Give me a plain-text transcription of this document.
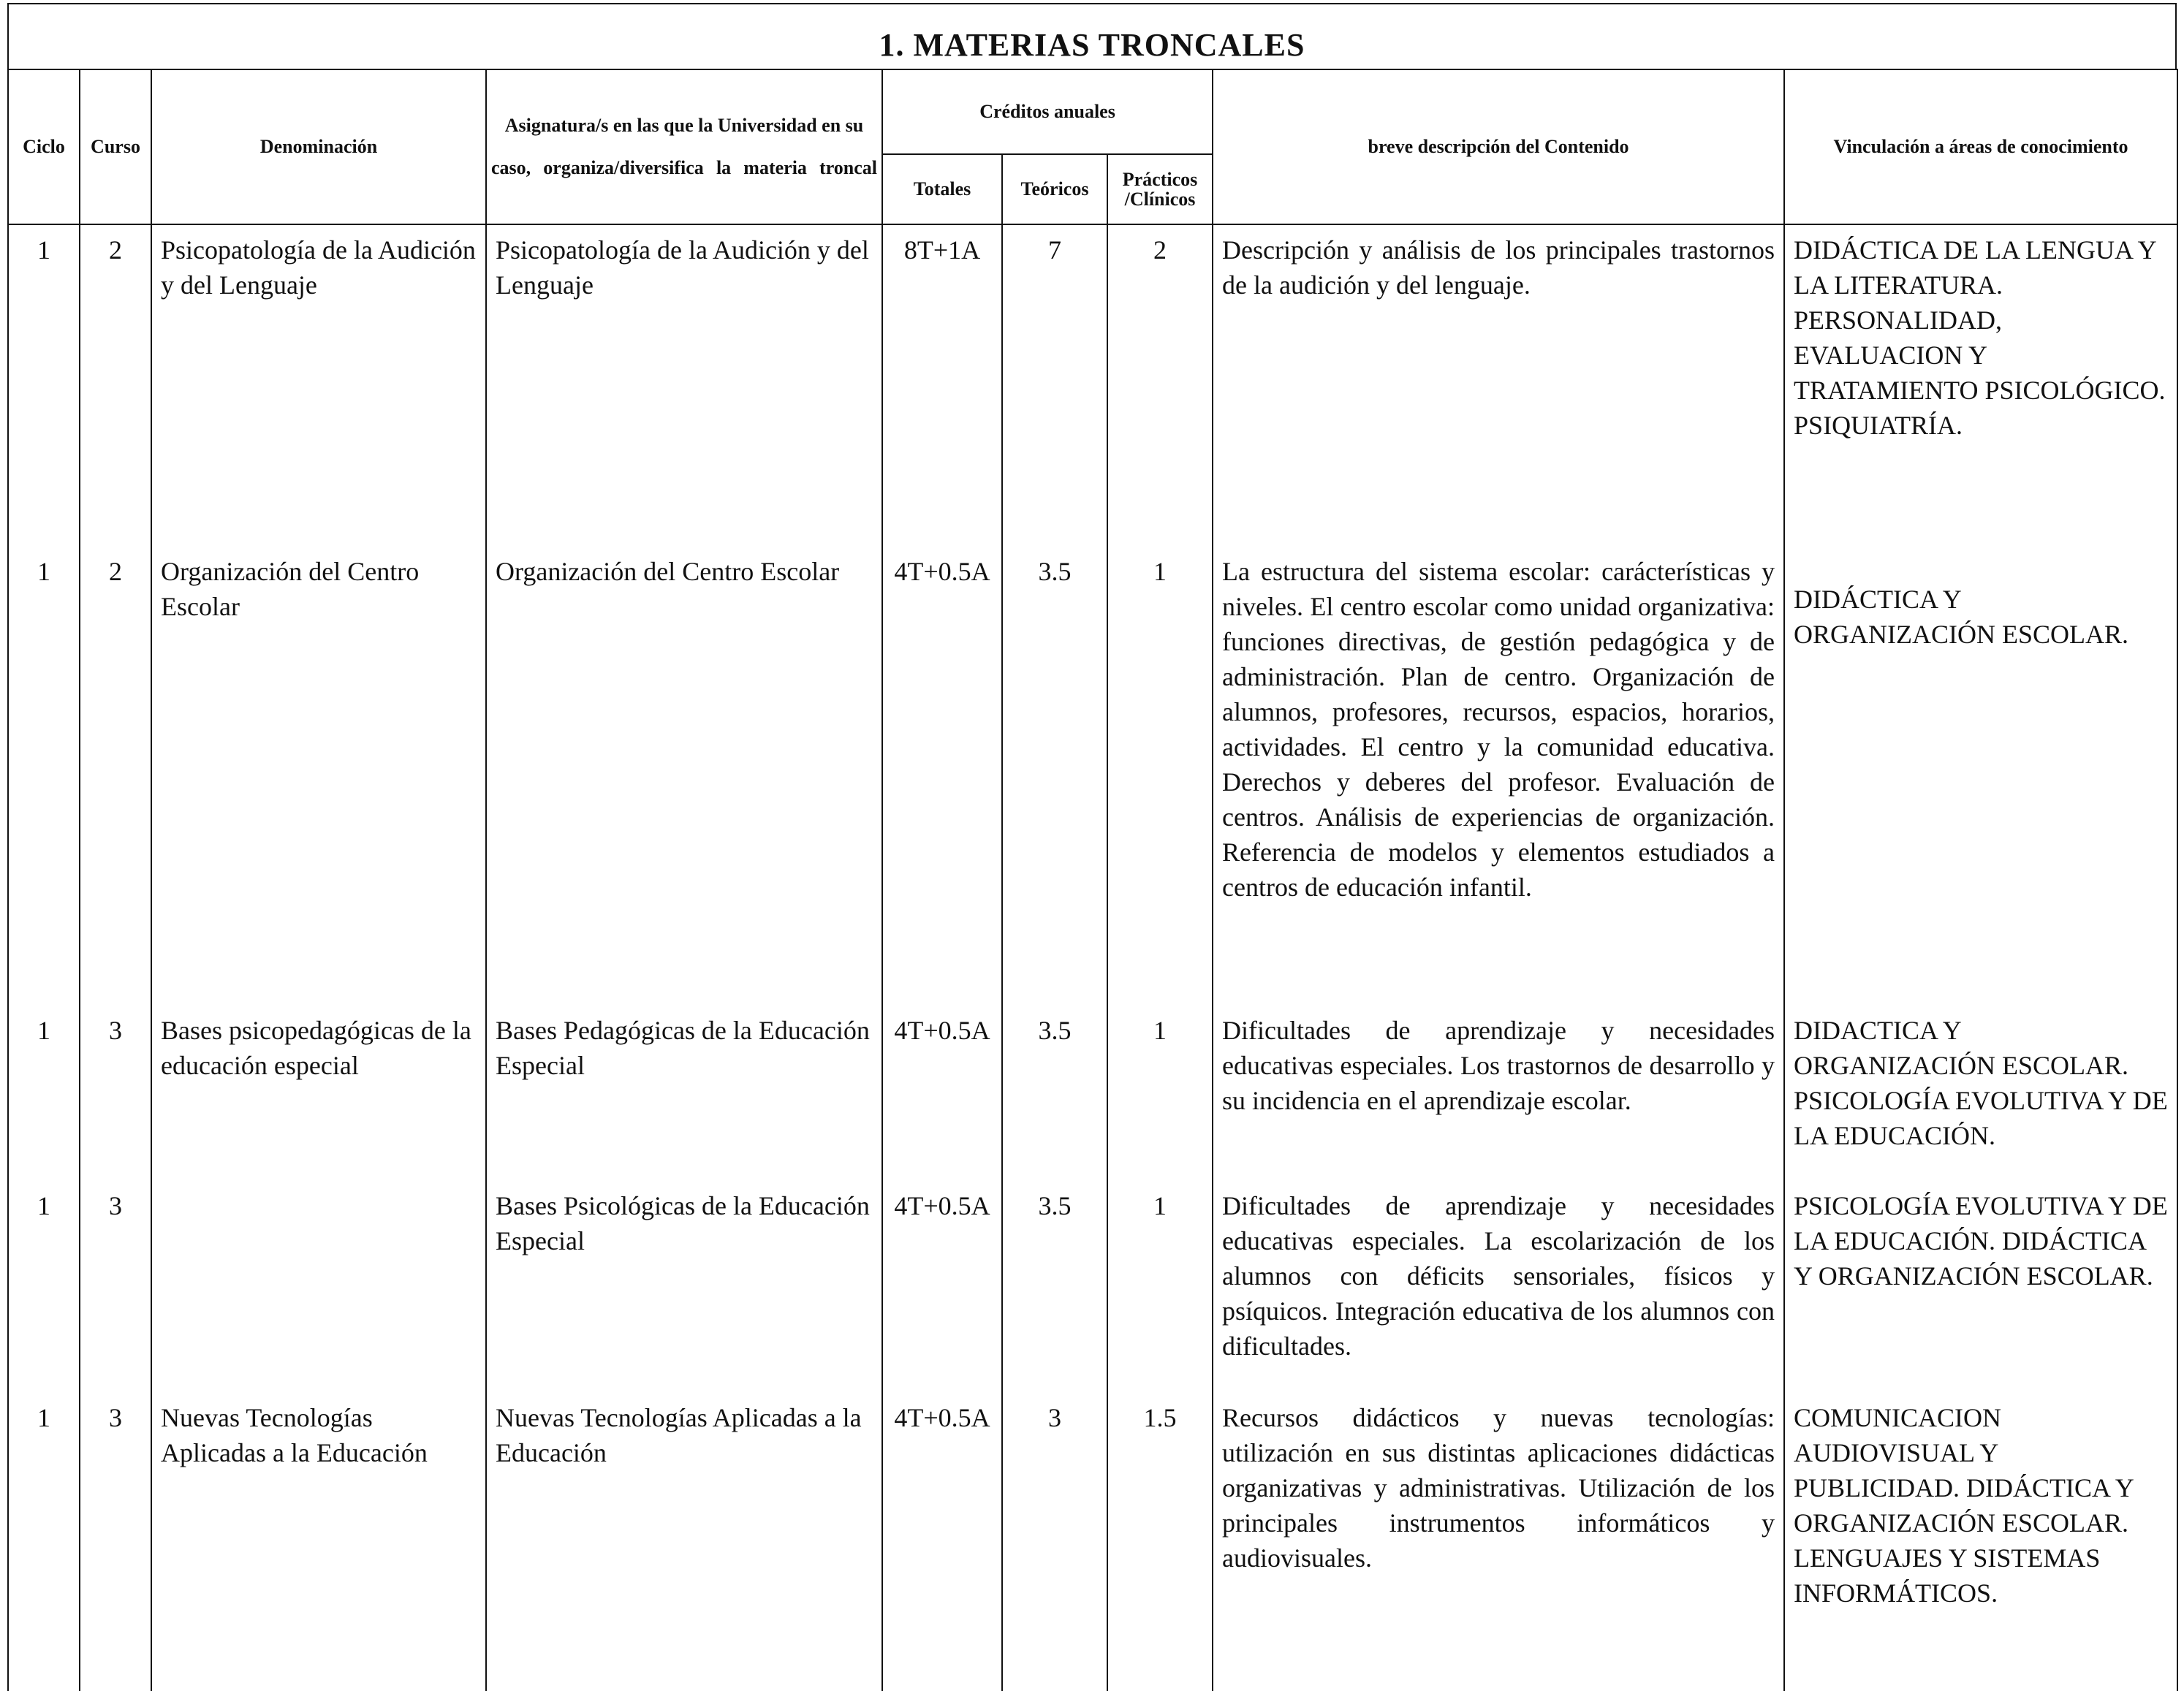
1. MATERIAS TRONCALES
Ciclo	Curso	Denominación	Asignatura/s en las que la Universidad en su caso, organiza/diversifica la materia troncal	Créditos anuales			breve descripción del Contenido	Vinculación a áreas de conocimiento
				Totales	Teóricos	Prácticos /Clínicos		
1	2	Psicopatología de la Audición y del Lenguaje	Psicopatología de la Audición y del Lenguaje	8T+1A	7	2	Descripción y análisis de los principales trastornos de la audición y del lenguaje.	DIDÁCTICA DE LA LENGUA Y LA LITERATURA. PERSONALIDAD, EVALUACION Y TRATAMIENTO PSICOLÓGICO. PSIQUIATRÍA.
1	2	Organización del Centro Escolar	Organización del Centro Escolar	4T+0.5A	3.5	1	La estructura del sistema escolar: carácterísticas y niveles. El centro escolar como unidad organizativa: funciones directivas, de gestión pedagógica y de administración. Plan de centro. Organización de alumnos, profesores, recursos, espacios, horarios, actividades. El centro y la comunidad educativa. Derechos y deberes del profesor. Evaluación de centros. Análisis de experiencias de organización. Referencia de modelos y elementos estudiados a centros de educación infantil.	DIDÁCTICA Y ORGANIZACIÓN ESCOLAR.
1	3	Bases psicopedagógicas de la educación especial	Bases Pedagógicas de la Educación Especial	4T+0.5A	3.5	1	Dificultades de aprendizaje y necesidades educativas especiales. Los trastornos de desarrollo y su incidencia en el aprendizaje escolar.	DIDACTICA Y ORGANIZACIÓN ESCOLAR. PSICOLOGÍA EVOLUTIVA Y DE LA EDUCACIÓN.
1	3		Bases Psicológicas de la Educación Especial	4T+0.5A	3.5	1	Dificultades de aprendizaje y necesidades educativas especiales. La escolarización de los alumnos con déficits sensoriales, físicos y psíquicos. Integración educativa de los alumnos con dificultades.	PSICOLOGÍA EVOLUTIVA Y DE LA EDUCACIÓN. DIDÁCTICA Y ORGANIZACIÓN ESCOLAR.
1	3	Nuevas Tecnologías Aplicadas a la Educación	Nuevas Tecnologías Aplicadas a la Educación	4T+0.5A	3	1.5	Recursos didácticos y nuevas tecnologías: utilización en sus distintas aplicaciones didácticas organizativas y administrativas. Utilización de los principales instrumentos informáticos y audiovisuales.	COMUNICACION AUDIOVISUAL Y PUBLICIDAD. DIDÁCTICA Y ORGANIZACIÓN ESCOLAR. LENGUAJES Y SISTEMAS INFORMÁTICOS.
